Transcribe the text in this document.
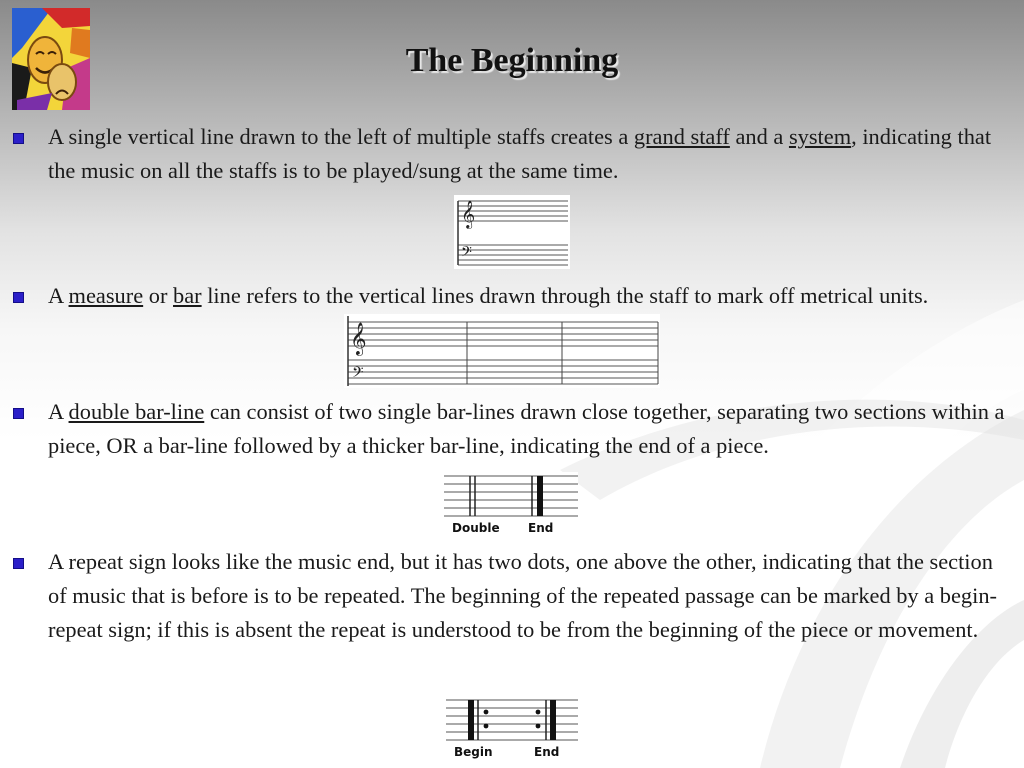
The Beginning
A single vertical line drawn to the left of multiple staffs creates a grand staff and a system, indicating that the music on all the staffs is to be played/sung at the same time.
𝄞
𝄢
A measure or bar line refers to the vertical lines drawn through the staff to mark off metrical units.
𝄞
𝄢
A double bar-line can consist of two single bar-lines drawn close together, separating two sections within a piece, OR a bar-line followed by a thicker bar-line, indicating the end of a piece.
Double End
A repeat sign looks like the music end, but it has two dots, one above the other, indicating that the section of music that is before is to be repeated. The beginning of the repeated passage can be marked by a begin-repeat sign; if this is absent the repeat is understood to be from the beginning of the piece or movement.
Begin	End
